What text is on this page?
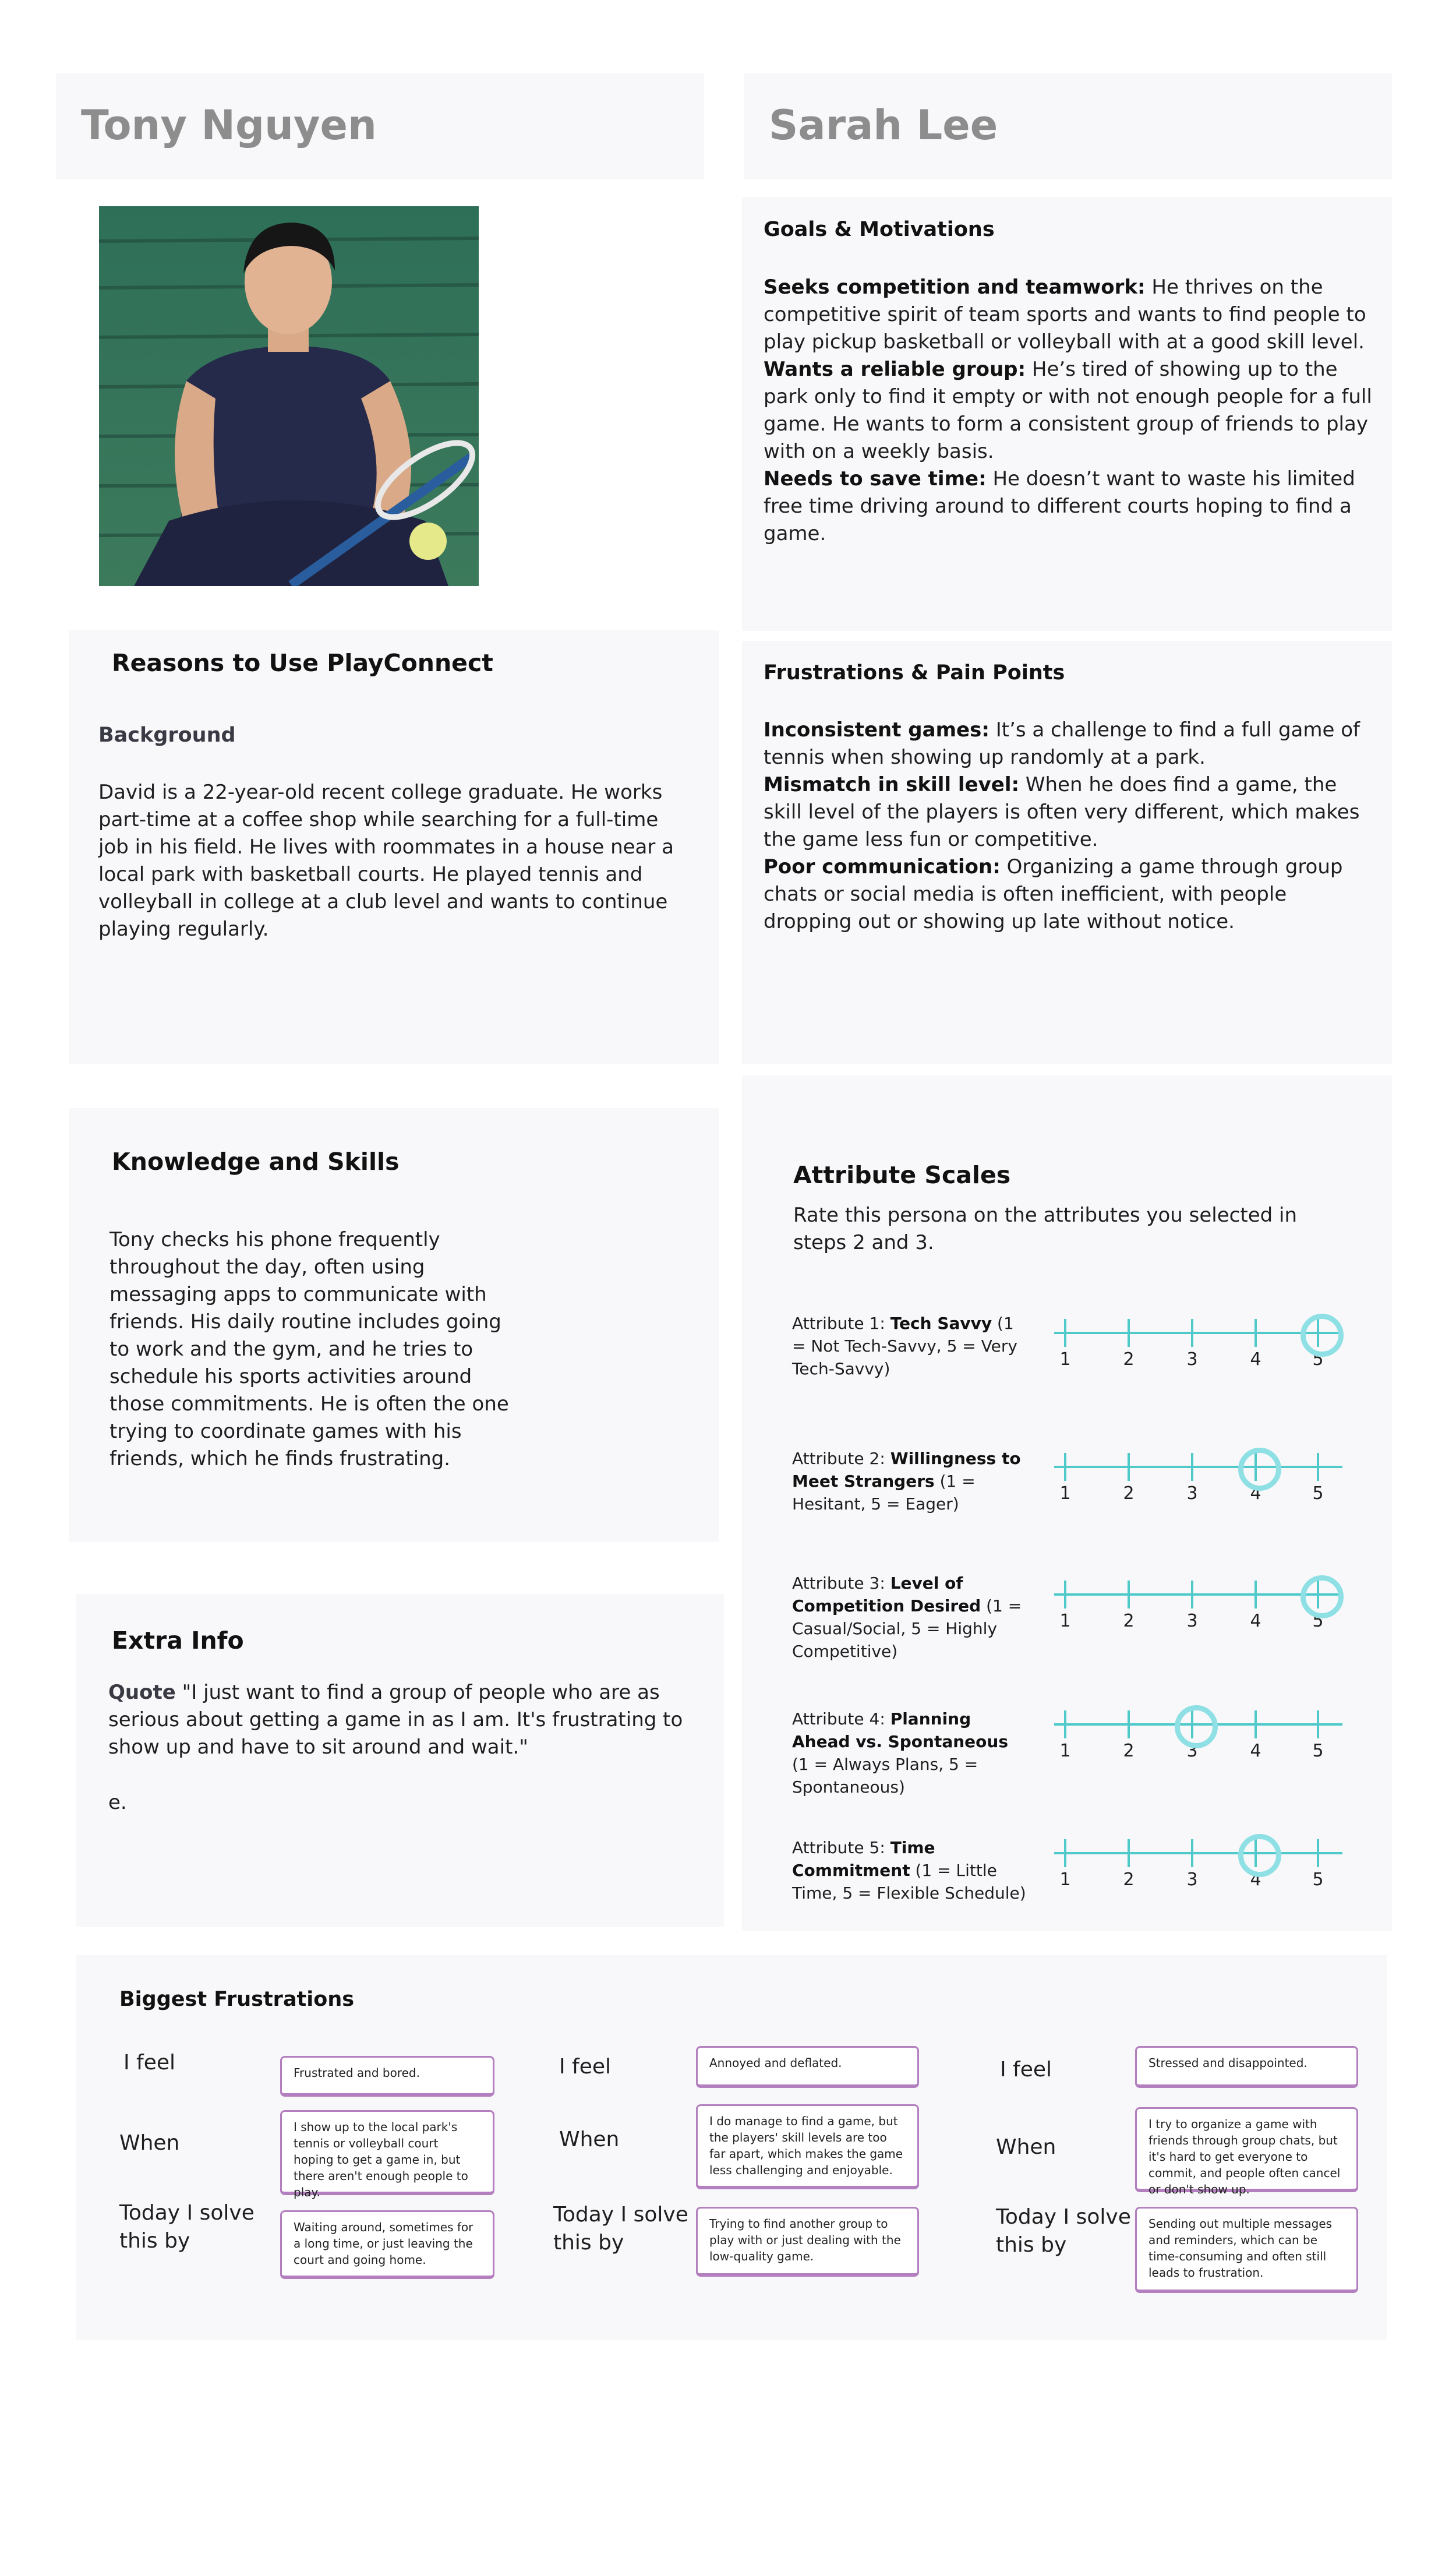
Tony Nguyen	Sarah Lee
Goals & Motivations
Seeks competition and teamwork: He thrives on the competitive spirit of team sports and wants to find people to play pickup basketball or volleyball with at a good skill level.
Wants a reliable group: He’s tired of showing up to the park only to find it empty or with not enough people for a full game. He wants to form a consistent group of friends to play with on a weekly basis.
Needs to save time: He doesn’t want to waste his limited free time driving around to different courts hoping to find a game.
Reasons to Use PlayConnect
Background
David is a 22-year-old recent college graduate. He works part-time at a coffee shop while searching for a full-time job in his field. He lives with roommates in a house near a local park with basketball courts. He played tennis and volleyball in college at a club level and wants to continue playing regularly.
Frustrations & Pain Points
Inconsistent games: It’s a challenge to find a full game of tennis when showing up randomly at a park.
Mismatch in skill level: When he does find a game, the skill level of the players is often very different, which makes the game less fun or competitive.
Poor communication: Organizing a game through group chats or social media is often inefficient, with people dropping out or showing up late without notice.
Knowledge and Skills
Tony checks his phone frequently throughout the day, often using messaging apps to communicate with friends. His daily routine includes going to work and the gym, and he tries to schedule his sports activities around those commitments. He is often the one trying to coordinate games with his friends, which he finds frustrating.
Attribute Scales
Rate this persona on the attributes you selected in steps 2 and 3.
Attribute 1: Tech Savvy (1 = Not Tech-Savvy, 5 = Very Tech-Savvy)	1	2	3	4	5
Attribute 2: Willingness to Meet Strangers (1 = Hesitant, 5 = Eager)
1	2	3	4	5
Attribute 3: Level of Competition Desired (1 = Casual/Social, 5 = Highly Competitive)
1	2	3	4	5
Attribute 4: Planning Ahead vs. Spontaneous (1 = Always Plans, 5 = Spontaneous)
1	2	3	4	5
Attribute 5: Time Commitment (1 = Little Time, 5 = Flexible Schedule)
1	2	3	4	5
Extra Info
Quote "I just want to find a group of people who are as serious about getting a game in as I am. It's frustrating to show up and have to sit around and wait."
e.
Biggest Frustrations
I feel	Frustrated and bored.
When
I show up to the local park's tennis or volleyball court hoping to get a game in, but there aren't enough people to play.
Today I solve
this by
Waiting around, sometimes for a long time, or just leaving the court and going home.
I feel	Annoyed and deflated.
When
I do manage to find a game, but the players' skill levels are too far apart, which makes the game less challenging and enjoyable.
Today I solve
this by
Trying to find another group to play with or just dealing with the low-quality game.
I feel	Stressed and disappointed.
When
I try to organize a game with friends through group chats, but it's hard to get everyone to commit, and people often cancel or don't show up.
Today I solve
this by
Sending out multiple messages and reminders, which can be time-consuming and often still leads to frustration.
